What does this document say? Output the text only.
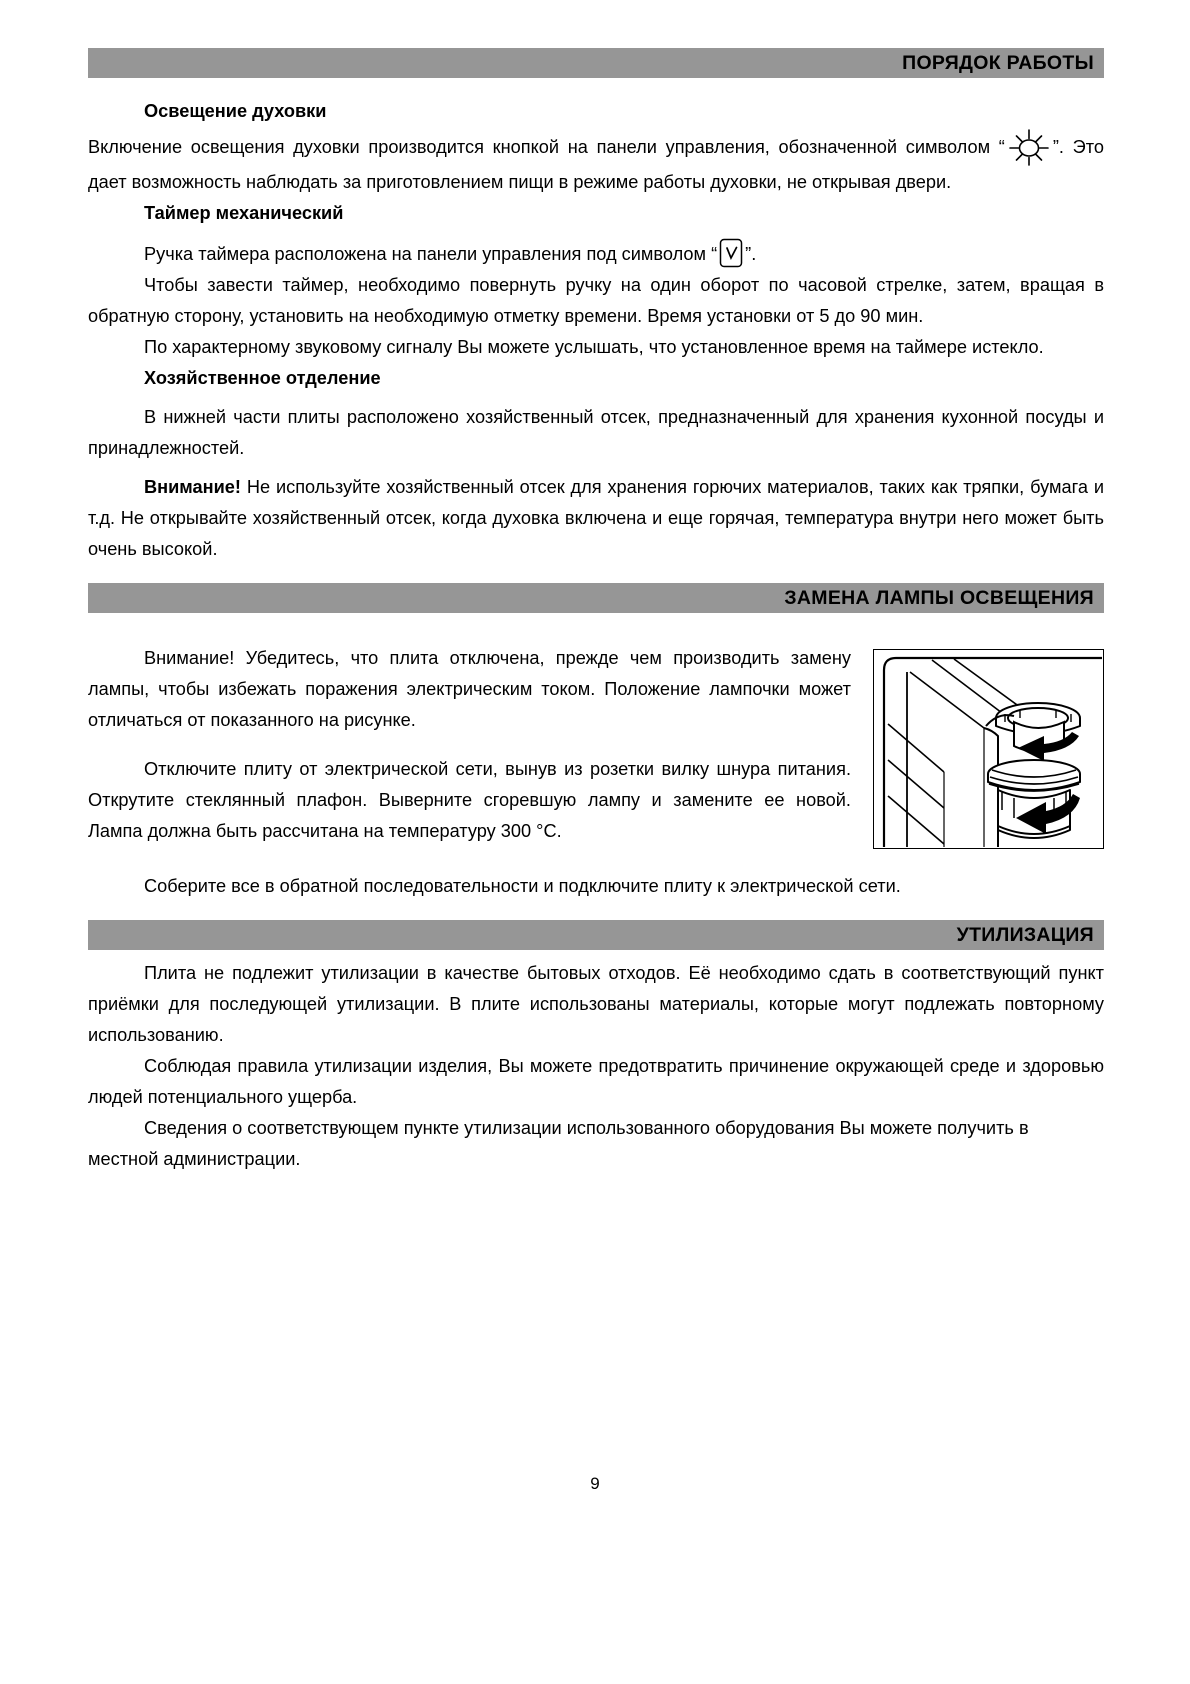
ПОРЯДОК РАБОТЫ
Освещение духовки

Включение освещения духовки производится кнопкой на панели управления, обозначенной символом “	”. Это дает возможность наблюдать за приготовлением пищи в режиме работы духовки, не открывая двери.

Таймер механический

Ручка таймера расположена на панели управления под символом “ ”.

Чтобы завести таймер, необходимо повернуть ручку на один оборот по часовой стрелке, затем, вращая в обратную сторону, установить на необходимую отметку времени. Время установки от 5 до 90 мин.

По характерному звуковому сигналу Вы можете услышать, что установленное время на таймере истекло.

Хозяйственное отделение

В нижней части плиты расположено хозяйственный отсек, предназначенный для хранения кухонной посуды и принадлежностей.

Внимание! Не используйте хозяйственный отсек для хранения горючих материалов, таких как тряпки, бумага и т.д. Не открывайте хозяйственный отсек, когда духовка включена и еще горячая, температура внутри него может быть очень высокой.

ЗАМЕНА ЛАМПЫ ОСВЕЩЕНИЯ

Внимание! Убедитесь, что плита отключена, прежде чем производить замену лампы, чтобы избежать поражения электрическим током. Положение лампочки может отличаться от показанного на рисунке.

Отключите плиту от электрической сети, вынув из розетки вилку шнура питания. Открутите стеклянный плафон. Выверните сгоревшую лампу и замените ее новой. Лампа должна быть рассчитана на температуру 300 °C.

Соберите все в обратной последовательности и подключите плиту к электрической сети.

УТИЛИЗАЦИЯ

Плита не подлежит утилизации в качестве бытовых отходов. Её необходимо сдать в соответствующий пункт приёмки для последующей утилизации. В плите использованы материалы, которые могут подлежать повторному использованию.

Соблюдая правила утилизации изделия, Вы можете предотвратить причинение окружающей среде и здоровью людей потенциального ущерба.

Сведения о соответствующем пункте утилизации использованного оборудования Вы можете получить в местной администрации.

9
